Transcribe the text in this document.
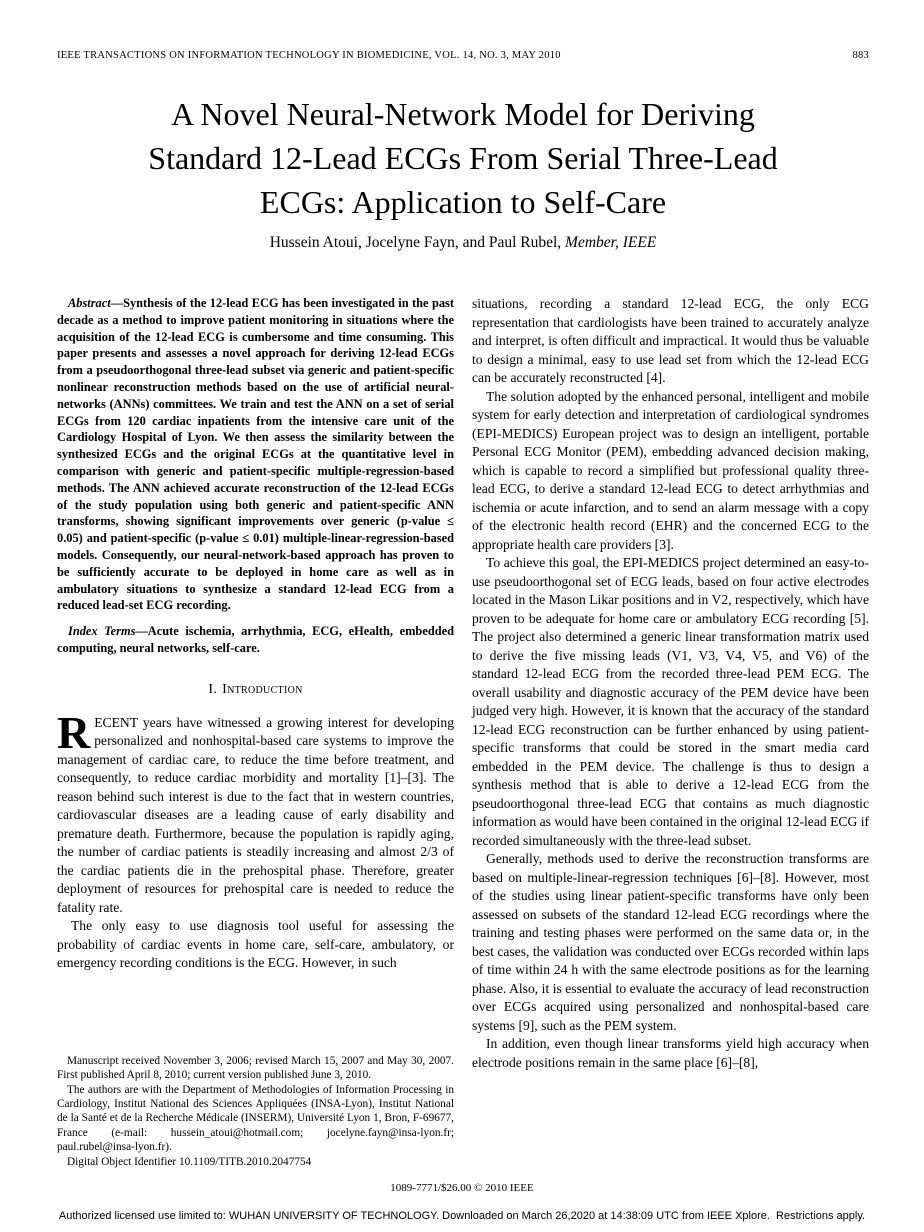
IEEE TRANSACTIONS ON INFORMATION TECHNOLOGY IN BIOMEDICINE, VOL. 14, NO. 3, MAY 2010	883
A Novel Neural-Network Model for Deriving
Standard 12-Lead ECGs From Serial Three-Lead
ECGs: Application to Self-Care
Hussein Atoui, Jocelyne Fayn, and Paul Rubel, Member, IEEE

Abstract—Synthesis of the 12-lead ECG has been investigated in the past decade as a method to improve patient monitoring in situations where the acquisition of the 12-lead ECG is cumbersome and time consuming. This paper presents and assesses a novel approach for deriving 12-lead ECGs from a pseudoorthogonal three-lead subset via generic and patient-specific nonlinear reconstruction methods based on the use of artificial neural-networks (ANNs) committees. We train and test the ANN on a set of serial ECGs from 120 cardiac inpatients from the intensive care unit of the Cardiology Hospital of Lyon. We then assess the similarity between the synthesized ECGs and the original ECGs at the quantitative level in comparison with generic and patient-specific multiple-regression-based methods. The ANN achieved accurate reconstruction of the 12-lead ECGs of the study population using both generic and patient-specific ANN transforms, showing significant improvements over generic (p-value ≤ 0.05) and patient-specific (p-value ≤ 0.01) multiple-linear-regression-based models. Consequently, our neural-network-based approach has proven to be sufficiently accurate to be deployed in home care as well as in ambulatory situations to synthesize a standard 12-lead ECG from a reduced lead-set ECG recording.

Index Terms—Acute ischemia, arrhythmia, ECG, eHealth, embedded computing, neural networks, self-care.

I. Introduction

RECENT years have witnessed a growing interest for developing personalized and nonhospital-based care systems to improve the management of cardiac care, to reduce the time before treatment, and consequently, to reduce cardiac morbidity and mortality [1]–[3]. The reason behind such interest is due to the fact that in western countries, cardiovascular diseases are a leading cause of early disability and premature death. Furthermore, because the population is rapidly aging, the number of cardiac patients is steadily increasing and almost 2/3 of the cardiac patients die in the prehospital phase. Therefore, greater deployment of resources for prehospital care is needed to reduce the fatality rate.

The only easy to use diagnosis tool useful for assessing the probability of cardiac events in home care, self-care, ambulatory, or emergency recording conditions is the ECG. However, in such

Manuscript received November 3, 2006; revised March 15, 2007 and May 30, 2007. First published April 8, 2010; current version published June 3, 2010.

The authors are with the Department of Methodologies of Information Processing in Cardiology, Institut National des Sciences Appliquées (INSA-Lyon), Institut National de la Santé et de la Recherche Médicale (INSERM), Université Lyon 1, Bron, F-69677, France (e-mail: hussein_atoui@hotmail.com; jocelyne.fayn@insa-lyon.fr; paul.rubel@insa-lyon.fr).

Digital Object Identifier 10.1109/TITB.2010.2047754

situations, recording a standard 12-lead ECG, the only ECG representation that cardiologists have been trained to accurately analyze and interpret, is often difficult and impractical. It would thus be valuable to design a minimal, easy to use lead set from which the 12-lead ECG can be accurately reconstructed [4].

The solution adopted by the enhanced personal, intelligent and mobile system for early detection and interpretation of cardiological syndromes (EPI-MEDICS) European project was to design an intelligent, portable Personal ECG Monitor (PEM), embedding advanced decision making, which is capable to record a simplified but professional quality three-lead ECG, to derive a standard 12-lead ECG to detect arrhythmias and ischemia or acute infarction, and to send an alarm message with a copy of the electronic health record (EHR) and the concerned ECG to the appropriate health care providers [3].

To achieve this goal, the EPI-MEDICS project determined an easy-to-use pseudoorthogonal set of ECG leads, based on four active electrodes located in the Mason Likar positions and in V2, respectively, which have proven to be adequate for home care or ambulatory ECG recording [5]. The project also determined a generic linear transformation matrix used to derive the five missing leads (V1, V3, V4, V5, and V6) of the standard 12-lead ECG from the recorded three-lead PEM ECG. The overall usability and diagnostic accuracy of the PEM device have been judged very high. However, it is known that the accuracy of the standard 12-lead ECG reconstruction can be further enhanced by using patient-specific transforms that could be stored in the smart media card embedded in the PEM device. The challenge is thus to design a synthesis method that is able to derive a 12-lead ECG from the pseudoorthogonal three-lead ECG that contains as much diagnostic information as would have been contained in the original 12-lead ECG if recorded simultaneously with the three-lead subset.

Generally, methods used to derive the reconstruction transforms are based on multiple-linear-regression techniques [6]–[8]. However, most of the studies using linear patient-specific transforms have only been assessed on subsets of the standard 12-lead ECG recordings where the training and testing phases were performed on the same data or, in the best cases, the validation was conducted over ECGs recorded within laps of time within 24 h with the same electrode positions as for the learning phase. Also, it is essential to evaluate the accuracy of lead reconstruction over ECGs acquired using personalized and nonhospital-based care systems [9], such as the PEM system.

In addition, even though linear transforms yield high accuracy when electrode positions remain in the same place [6]–[8],

1089-7771/$26.00 © 2010 IEEE
Authorized licensed use limited to: WUHAN UNIVERSITY OF TECHNOLOGY. Downloaded on March 26,2020 at 14:38:09 UTC from IEEE Xplore.  Restrictions apply.
